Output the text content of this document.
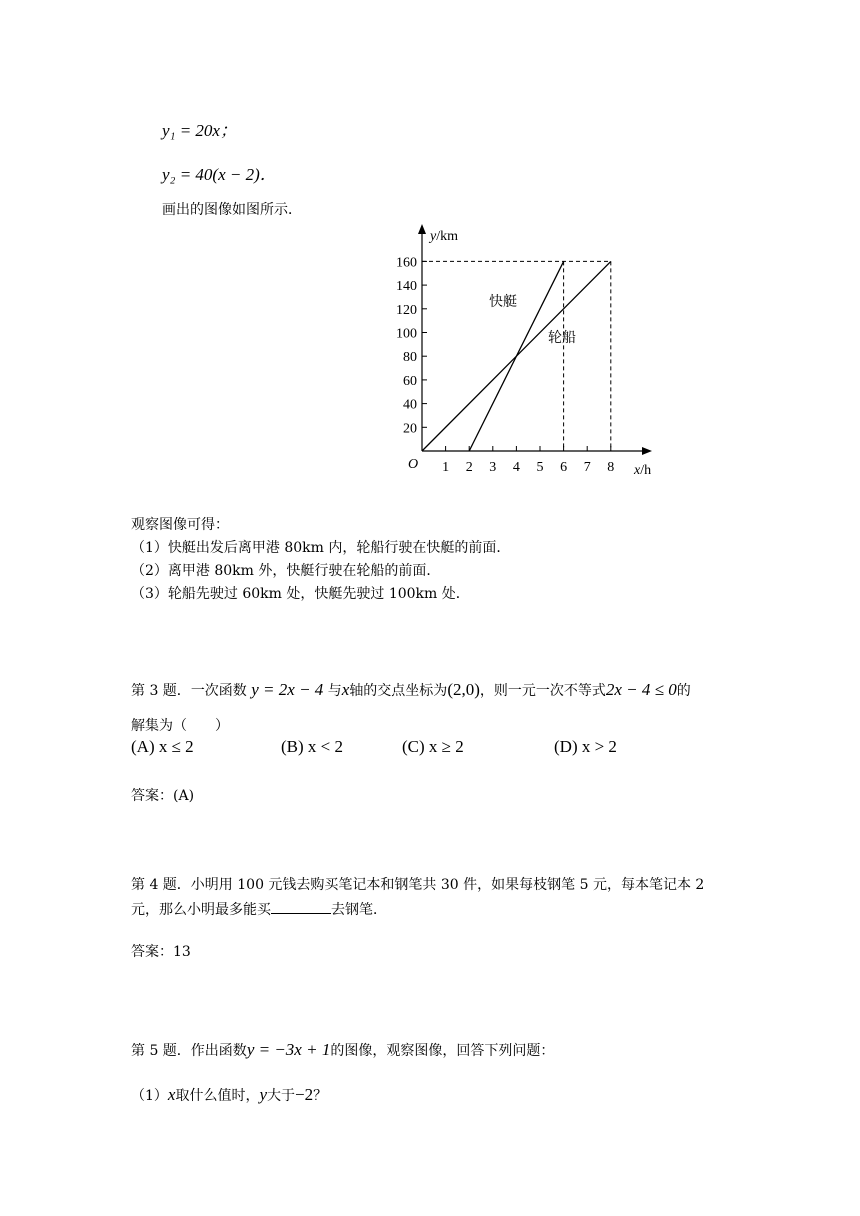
y₁ = 20x；
y₂ = 40(x − 2)．
画出的图像如图所示．
y/km
x/h
O 1 2 3 4 5 6 7 8
20
40
60
80
100
120
140
160
快艇
轮船
观察图像可得：
（1）快艇出发后离甲港 80km 内，轮船行驶在快艇的前面．
（2）离甲港 80km 外，快艇行驶在轮船的前面．
（3）轮船先驶过 60km 处，快艇先驶过 100km 处．
第 3 题．一次函数 y = 2x − 4 与x轴的交点坐标为(2,0)，则一元一次不等式2x − 4 ≤ 0的
解集为（　　）
(A) x ≤ 2	(B) x < 2	(C) x ≥ 2	(D) x > 2
答案：(A)
第 4 题．小明用 100 元钱去购买笔记本和钢笔共 30 件，如果每枝钢笔 5 元，每本笔记本 2
元，那么小明最多能买	去钢笔．
答案：13
第 5 题．作出函数y = −3x + 1的图像，观察图像，回答下列问题：
（1）x取什么值时，y大于−2？
